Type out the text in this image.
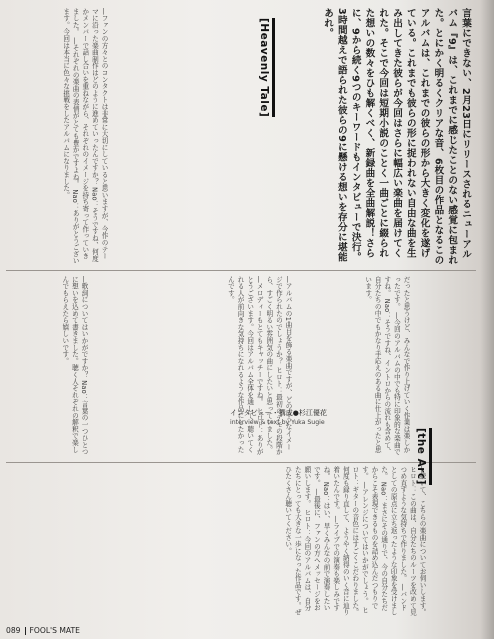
―ファンの方々とのコンタクトは非常に大切にしていると思いますが、今作のテーマに沿った楽曲制作はどのように進めていったんですか？ Nao：そうですね、何度かメンバーで話し合いを重ねながら、それぞれのイメージを持ち寄って作っていきました。 ―それぞれの楽曲の表情がとても豊かですよね。 Nao：ありがとうございます。今回は本当に色々な挑戦をしたアルバムになりました。	言葉にできない、2月23日にリリースされるニューアルバム『9』は、これまでに感じたことのない感覚に包まれた。とにかく明るくクリアな音、6枚目の作品となるこのアルバムは、これまでの彼らの形から大きく変化を遂げている。これまでも彼らの形に捉われない自由な曲を生み出してきた彼らが今回はさらに幅広い楽曲を届けてくれた。そこで今回は短期小説のことく一曲ごとに綴られた想いの数々をひも解くべく、新録曲を全曲解説！さらに、9から続く9つのキーワードもインタビューで決行。3時間越えで語られた彼らの9に懸ける想いを存分に堪能あれ。
―歌詞についてはいかがですか？ Nao：言葉の一つひとつに想いを込めて書きました。聴く人それぞれの解釈で楽しんでもらえたら嬉しいです。	―アルバムの1曲目を飾る楽曲ですが、どのようなイメージで作られたのでしょうか？ ヒロト：最初のデモの段階から、すごく明るい雰囲気の曲にしたいと思っていました。 ―メロディーもとてもキャッチーですね。 ヒロト：ありがとうございます。今回はアルバム全体を通して、聴いてくれる人が前向きな気持ちになれるような作品にしたかったんです。
[Heavenly Tale]
だったと思うけど、みんなで作り上げていく作業は楽しかったです。 ―今回のアルバムの中でも特に印象的な楽曲ですね。 Nao：そうですね、イントロからの流れも含めて、自分たちの中でもかなり手応えのある曲に仕上がったと思います。
インタビュー・構成●杉江優花
interview & text by Yuka Sugie
―続いて、こちらの楽曲についてお伺いします。 ヒロト：この曲は、自分たちのルーツを改めて見つめ直すような気持ちで作りました。 ―バンドとしての原点に立ち返ったような印象を受けました。 Nao：まさにその通りで、今の自分たちだからこそ表現できるものを詰め込んだつもりです。 ―アレンジについてはいかがでしょう。 ヒロト：ギターの音色にはすごくこだわりました。何度も録り直して、ようやく納得のいく音に辿り着いたんです。 ―ライブでの演奏も楽しみですね。 Nao：はい、早くみんなの前で演奏したいです。 ―最後に、ファンの方へメッセージをお願いします。 ヒロト：今回のアルバムは、自分たちにとっても大きな一歩になった作品です。ぜひたくさん聴いてください。
[the Arc]
089 FOOL'S MATE
